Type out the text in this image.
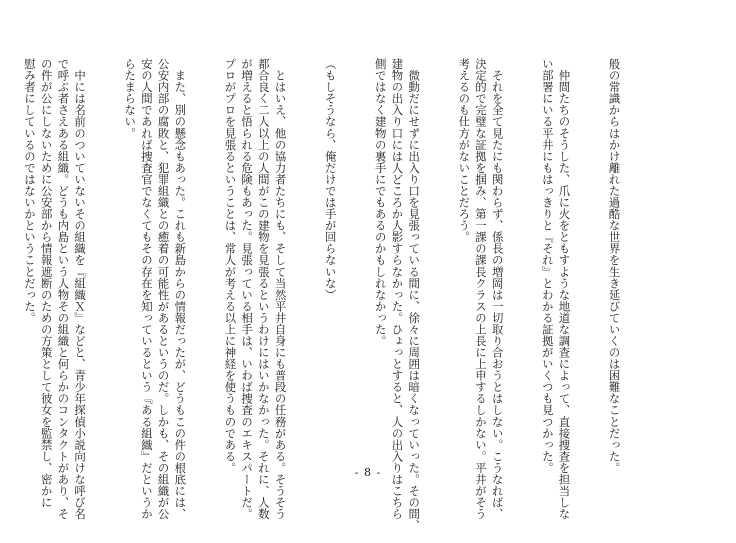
般の常識からはかけ離れた過酷な世界を生き延びていくのは困難なことだった。

　仲間たちのそうした、爪に火をともすような地道な調査によって、直接捜査を担当しな
い部署にいる平井にもはっきりと『それ』とわかる証拠がいくつも見つかった。

　それを全て見たにも関わらず、係長の増岡は一切取り合おうとはしない。こうなれば、
決定的で完璧な証拠を掴み、第一課の課長クラスの上長に上申するしかない。平井がそう
考えるのも仕方がないことだろう。

　微動だにせずに出入り口を見張っている間に、徐々に周囲は暗くなっていった。その間、
建物の出入り口には人どころか人影すらなかった。ひょっとすると、人の出入りはこちら
側ではなく建物の裏手にでもあるのかもしれなかった。

（もしそうなら、俺だけでは手が回らないな）

　とはいえ、他の協力者たちにも、そして当然平井自身にも普段の任務がある。そうそう
都合良く二人以上の人間がこの建物を見張るというわけにはいかなかった。それに、人数
が増えると悟られる危険もあった。見張っている相手は、いわば捜査のエキスパートだ。
プロがプロを見張るということは、常人が考える以上に神経を使うものである。

　また、別の懸念もあった。これも新島からの情報だったが、どうもこの件の根底には、
公安内部の腐敗と、犯罪組織との癒着の可能性があるというのだ。しかも、その組織が公
安の人間であれば捜査官でなくてもその存在を知っているという『ある組織』だというか
らたまらない。

　中には名前のついていないその組織を『組織Ｘ』などと、青少年探偵小説向けな呼び名
で呼ぶ者さえある組織。どうも内島という人物その組織と何らかのコンタクトがあり、そ
の件が公にしないために公安部から情報遮断のための方策として彼女を監禁し、密かに
慰み者にしているのではないかということだった。

- 8 -
